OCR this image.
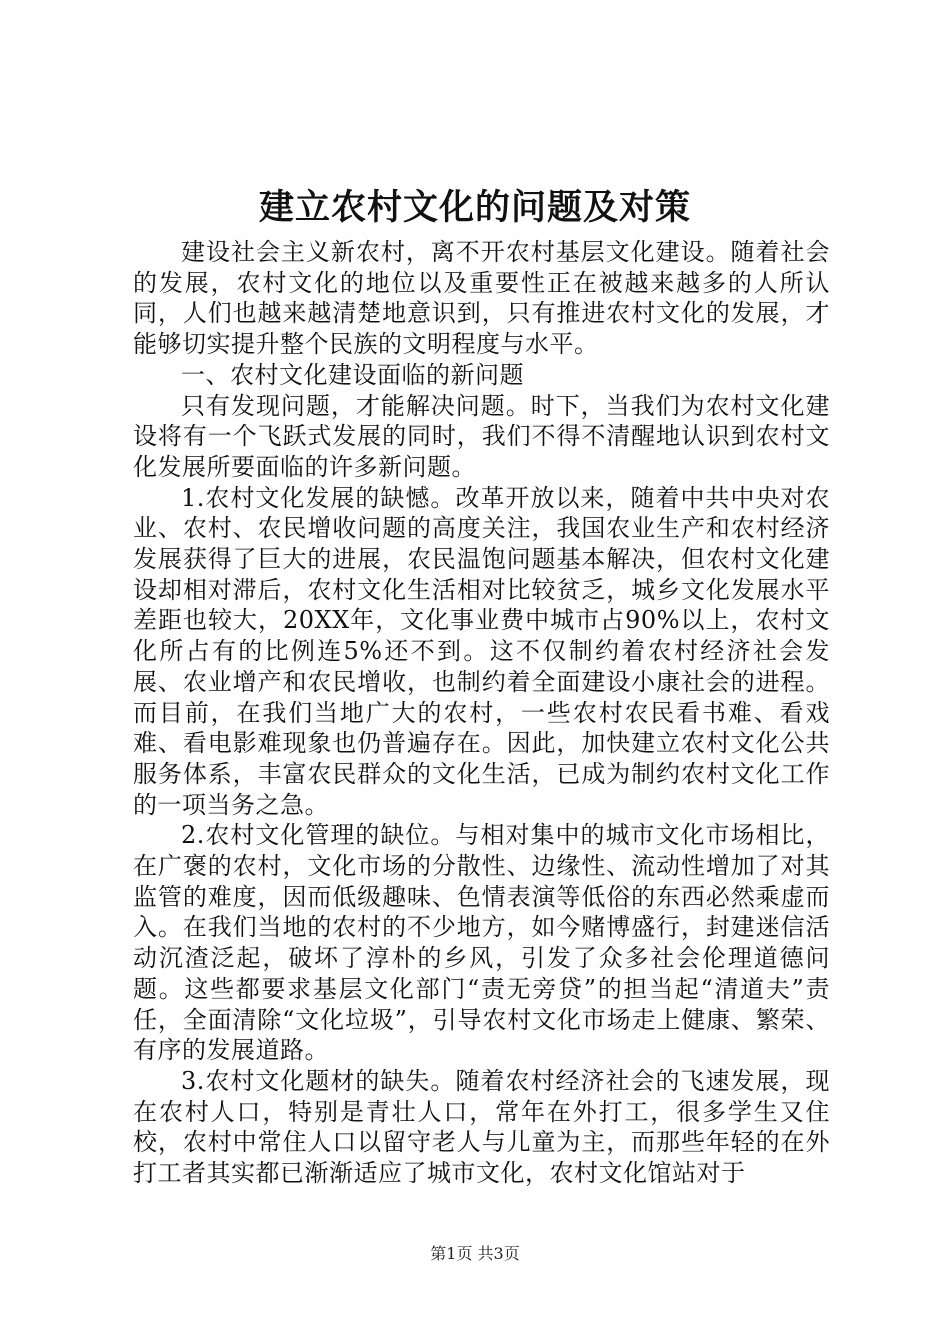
建立农村文化的问题及对策

建设社会主义新农村，离不开农村基层文化建设。随着社会的发展，农村文化的地位以及重要性正在被越来越多的人所认同，人们也越来越清楚地意识到，只有推进农村文化的发展，才能够切实提升整个民族的文明程度与水平。

一、农村文化建设面临的新问题

只有发现问题，才能解决问题。时下，当我们为农村文化建设将有一个飞跃式发展的同时，我们不得不清醒地认识到农村文化发展所要面临的许多新问题。

1.农村文化发展的缺憾。改革开放以来，随着中共中央对农业、农村、农民增收问题的高度关注，我国农业生产和农村经济发展获得了巨大的进展，农民温饱问题基本解决，但农村文化建设却相对滞后，农村文化生活相对比较贫乏，城乡文化发展水平差距也较大，20XX年，文化事业费中城市占90%以上，农村文化所占有的比例连5%还不到。这不仅制约着农村经济社会发展、农业增产和农民增收，也制约着全面建设小康社会的进程。而目前，在我们当地广大的农村，一些农村农民看书难、看戏难、看电影难现象也仍普遍存在。因此，加快建立农村文化公共服务体系，丰富农民群众的文化生活，已成为制约农村文化工作的一项当务之急。

2.农村文化管理的缺位。与相对集中的城市文化市场相比，在广褒的农村，文化市场的分散性、边缘性、流动性增加了对其监管的难度，因而低级趣味、色情表演等低俗的东西必然乘虚而入。在我们当地的农村的不少地方，如今赌博盛行，封建迷信活动沉渣泛起，破坏了淳朴的乡风，引发了众多社会伦理道德问题。这些都要求基层文化部门“责无旁贷”的担当起“清道夫”责任，全面清除“文化垃圾”，引导农村文化市场走上健康、繁荣、有序的发展道路。

3.农村文化题材的缺失。随着农村经济社会的飞速发展，现在农村人口，特别是青壮人口，常年在外打工，很多学生又住校，农村中常住人口以留守老人与儿童为主，而那些年轻的在外打工者其实都已渐渐适应了城市文化，农村文化馆站对于

第1页 共3页
